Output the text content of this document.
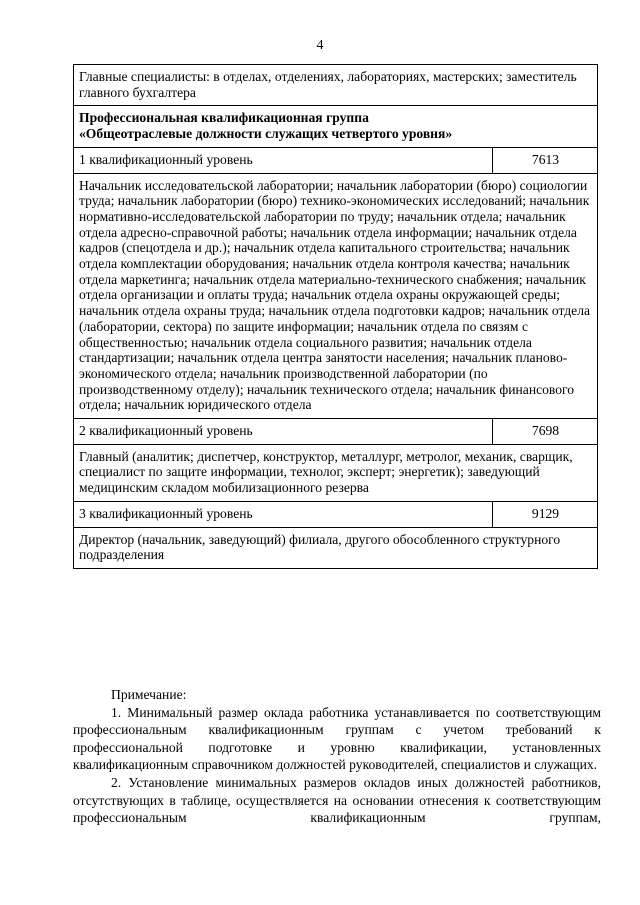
4
Главные специалисты: в отделах, отделениях, лабораториях, мастерских; заместитель главного бухгалтера	

Профессиональная квалификационная группа
«Общеотраслевые должности служащих четвертого уровня»	

1 квалификационный уровень	7613
Начальник исследовательской лаборатории; начальник лаборатории (бюро) социологии труда; начальник лаборатории (бюро) технико-экономических исследований; начальник нормативно-исследовательской лаборатории по труду; начальник отдела; начальник отдела адресно-справочной работы; начальник отдела информации; начальник отдела кадров (спецотдела и др.); начальник отдела капитального строительства; начальник отдела комплектации оборудования; начальник отдела контроля качества; начальник отдела маркетинга; начальник отдела материально-технического снабжения; начальник отдела организации и оплаты труда; начальник отдела охраны окружающей среды; начальник отдела охраны труда; начальник отдела подготовки кадров; начальник отдела (лаборатории, сектора) по защите информации; начальник отдела по связям с общественностью; начальник отдела социального развития; начальник отдела стандартизации; начальник отдела центра занятости населения; начальник планово-экономического отдела; начальник производственной лаборатории (по производственному отделу); начальник технического отдела; начальник финансового отдела; начальник юридического отдела	
2 квалификационный уровень	7698
Главный (аналитик; диспетчер, конструктор, металлург, метролог, механик, сварщик, специалист по защите информации, технолог, эксперт; энергетик); заведующий медицинским складом мобилизационного резерва	
3 квалификационный уровень	9129
Директор (начальник, заведующий) филиала, другого обособленного структурного подразделения	

Примечание:

1. Минимальный размер оклада работника устанавливается по соответствующим профессиональным квалификационным группам с учетом требований к профессиональной подготовке и уровню квалификации, установленных квалификационным справочником должностей руководителей, специалистов и служащих.

2. Установление минимальных размеров окладов иных должностей работников, отсутствующих в таблице, осуществляется на основании отнесения к соответствующим профессиональным квалификационным группам,
